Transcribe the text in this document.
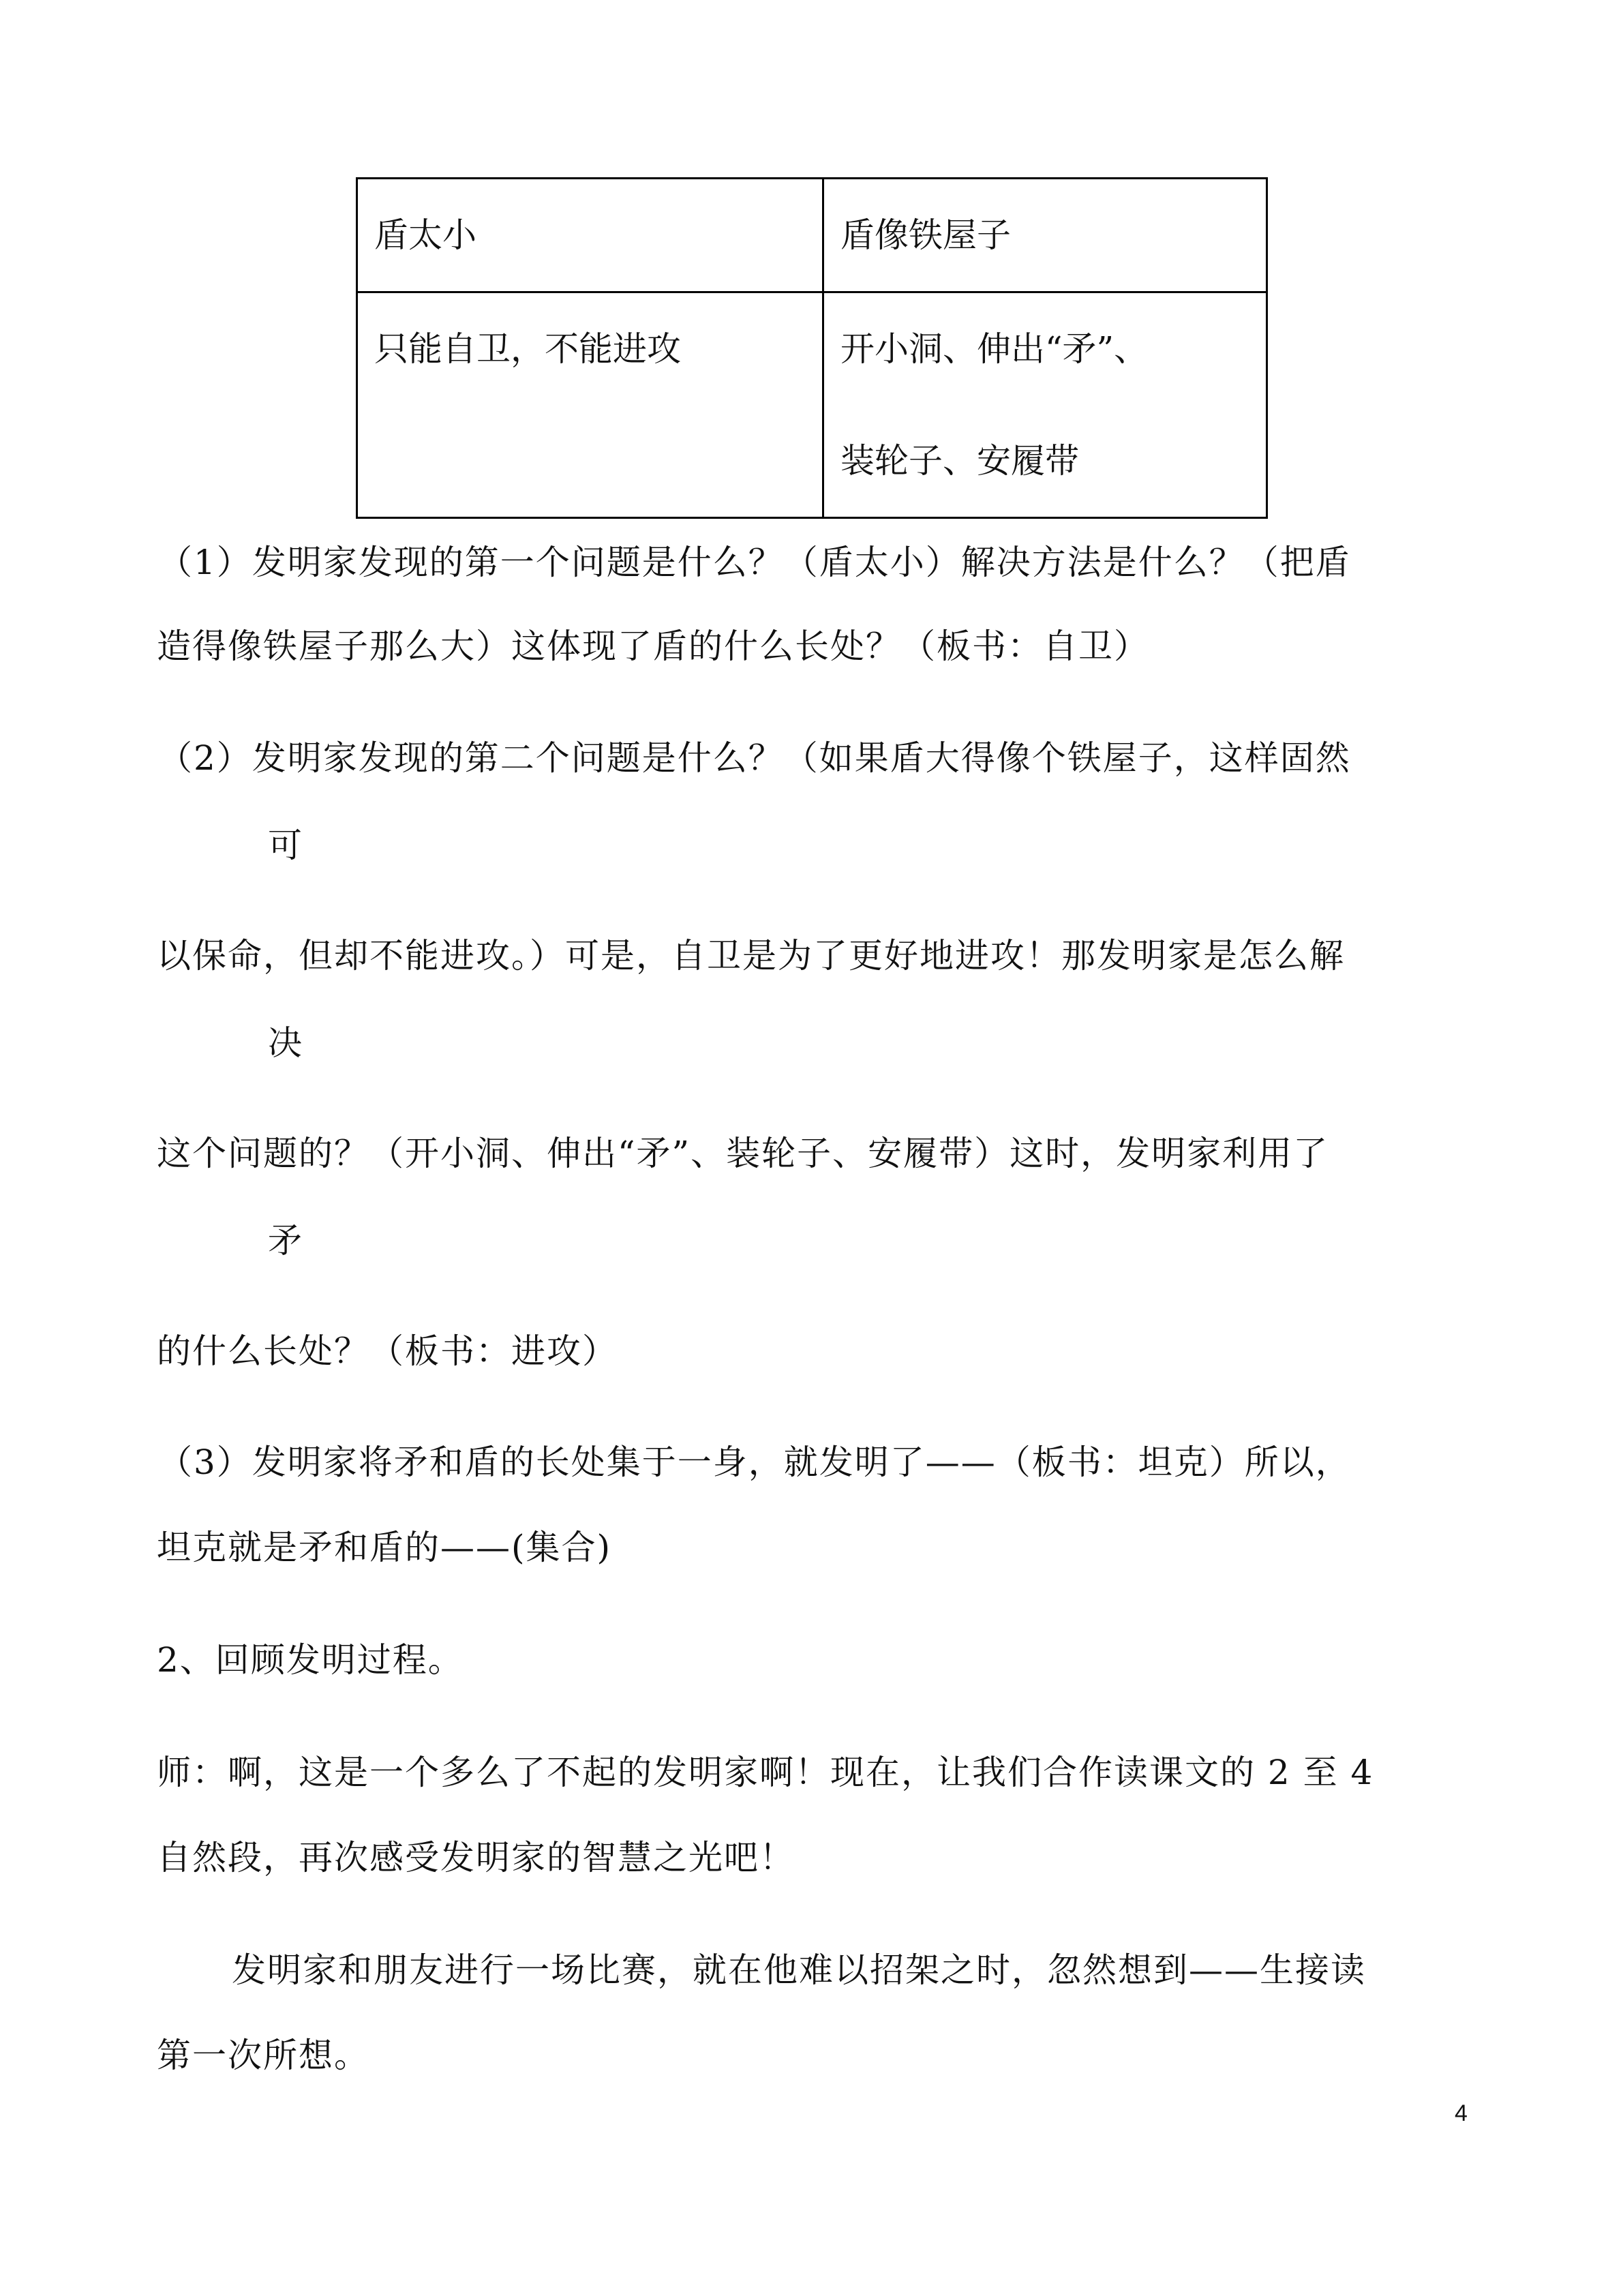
盾太小	盾像铁屋子

只能自卫，不能进攻	开小洞、伸出“矛”、
装轮子、安履带
（1）发明家发现的第一个问题是什么？（盾太小）解决方法是什么？（把盾
造得像铁屋子那么大）这体现了盾的什么长处？（板书：自卫）
（2）发明家发现的第二个问题是什么？（如果盾大得像个铁屋子，这样固然
可
以保命，但却不能进攻。）可是，自卫是为了更好地进攻！那发明家是怎么解
决
这个问题的？（开小洞、伸出“矛”、装轮子、安履带）这时，发明家利用了
矛
的什么长处？（板书：进攻）
（3）发明家将矛和盾的长处集于一身，就发明了——（板书：坦克）所以，
坦克就是矛和盾的——(集合)
2、回顾发明过程。
师：啊，这是一个多么了不起的发明家啊！现在，让我们合作读课文的 2 至 4
自然段，再次感受发明家的智慧之光吧！
发明家和朋友进行一场比赛，就在他难以招架之时，忽然想到——生接读
第一次所想。
4
